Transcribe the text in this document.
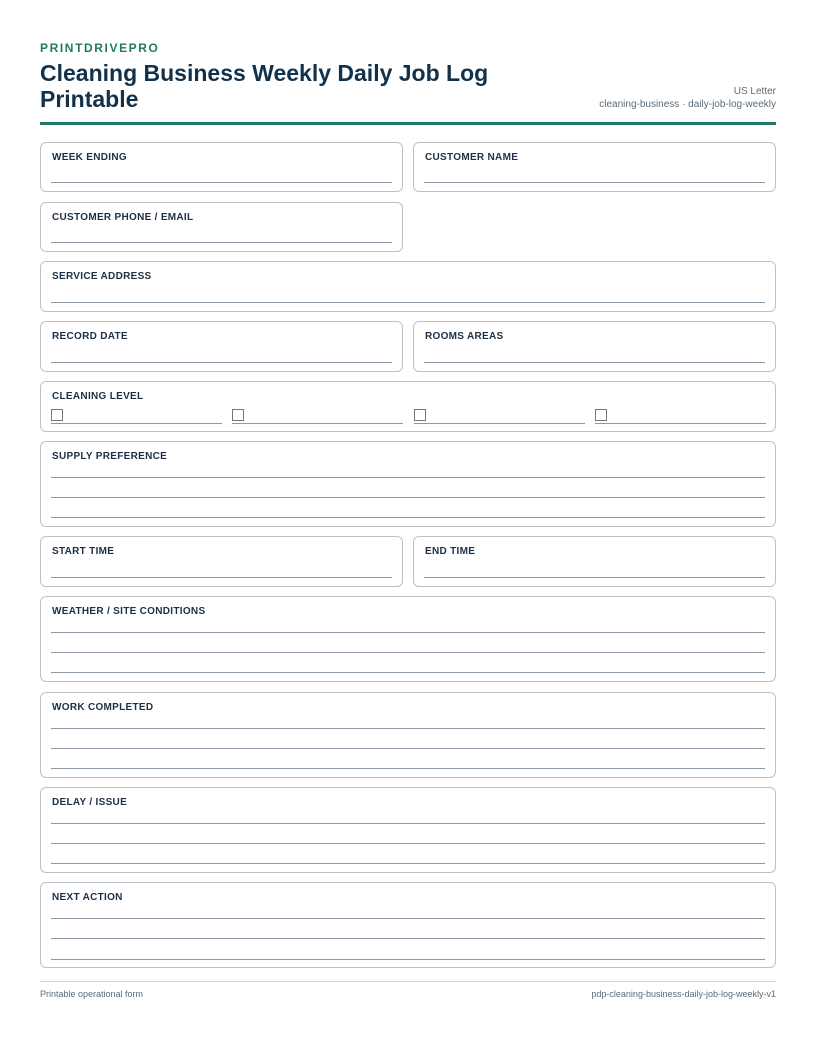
PRINTDRIVEPRO
Cleaning Business Weekly Daily Job Log Printable	US Letter
cleaning-business · daily-job-log-weekly
WEEK ENDING	CUSTOMER NAME
CUSTOMER PHONE / EMAIL
SERVICE ADDRESS
RECORD DATE	ROOMS AREAS
CLEANING LEVEL
SUPPLY PREFERENCE
START TIME	END TIME
WEATHER / SITE CONDITIONS
WORK COMPLETED
DELAY / ISSUE
NEXT ACTION
Printable operational form	pdp-cleaning-business-daily-job-log-weekly-v1
